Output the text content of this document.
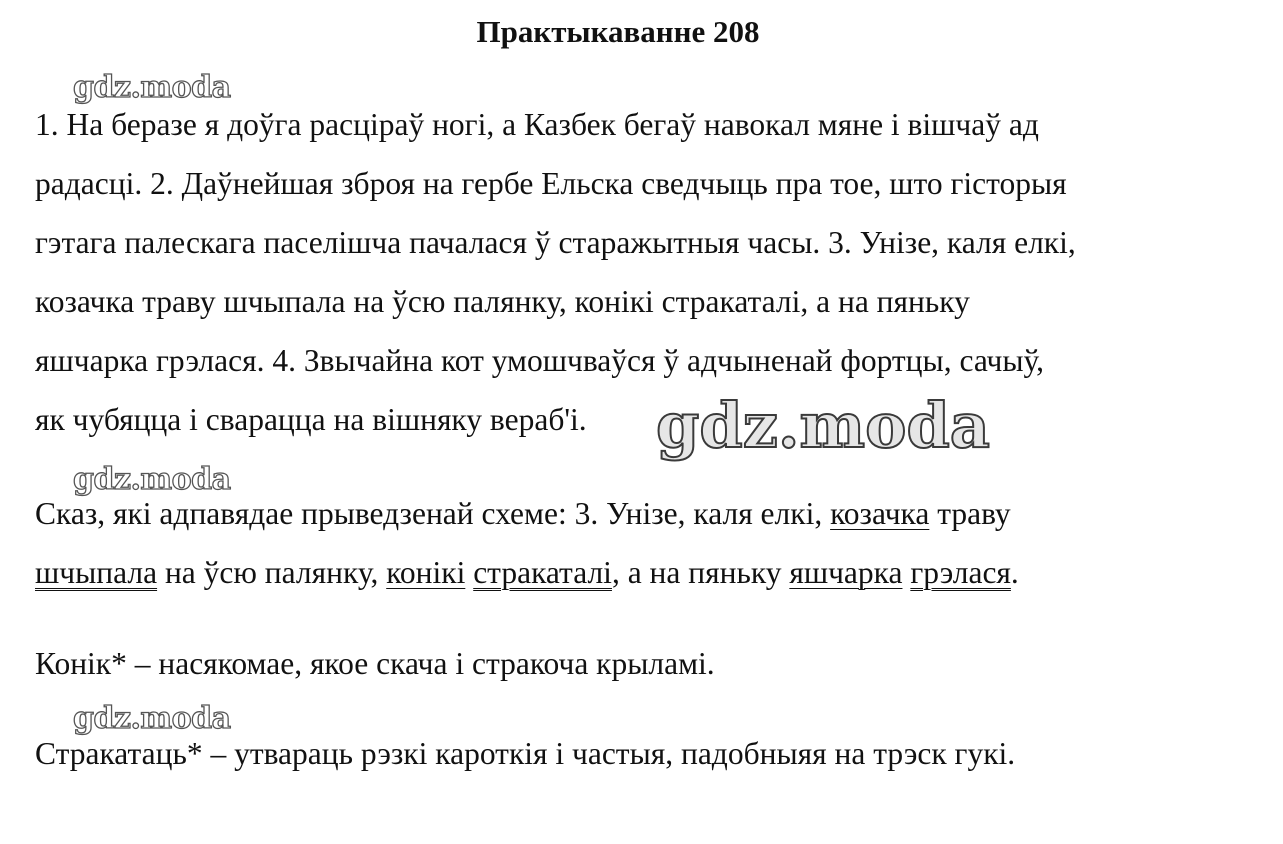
Практыкаванне 208
gdz.moda
gdz.moda
gdz.moda
1. На беразе я доўга расціраў ногі, а Казбек бегаў навокал мяне і вішчаў ад
радасці. 2. Даўнейшая зброя на гербе Ельска сведчыць пра тое, што гісторыя
гэтага палескага паселішча пачалася ў старажытныя часы. 3. Унізе, каля елкі,
козачка траву шчыпала на ўсю палянку, конікі стракаталі, а на пяньку
яшчарка грэлася. 4. Звычайна кот умошчваўся ў адчыненай фортцы, сачыў,
як чубяцца і сварацца на вішняку вераб'і.	gdz.moda
Сказ, які адпавядае прыведзенай схеме: 3. Унізе, каля елкі, козачка траву
шчыпала на ўсю палянку, конікі стракаталі, а на пяньку яшчарка грэлася.

Конік* – насякомае, якое скача і стракоча крыламі.

Стракатаць* – утвараць рэзкі кароткія і частыя, падобныяя на трэск гукі.
